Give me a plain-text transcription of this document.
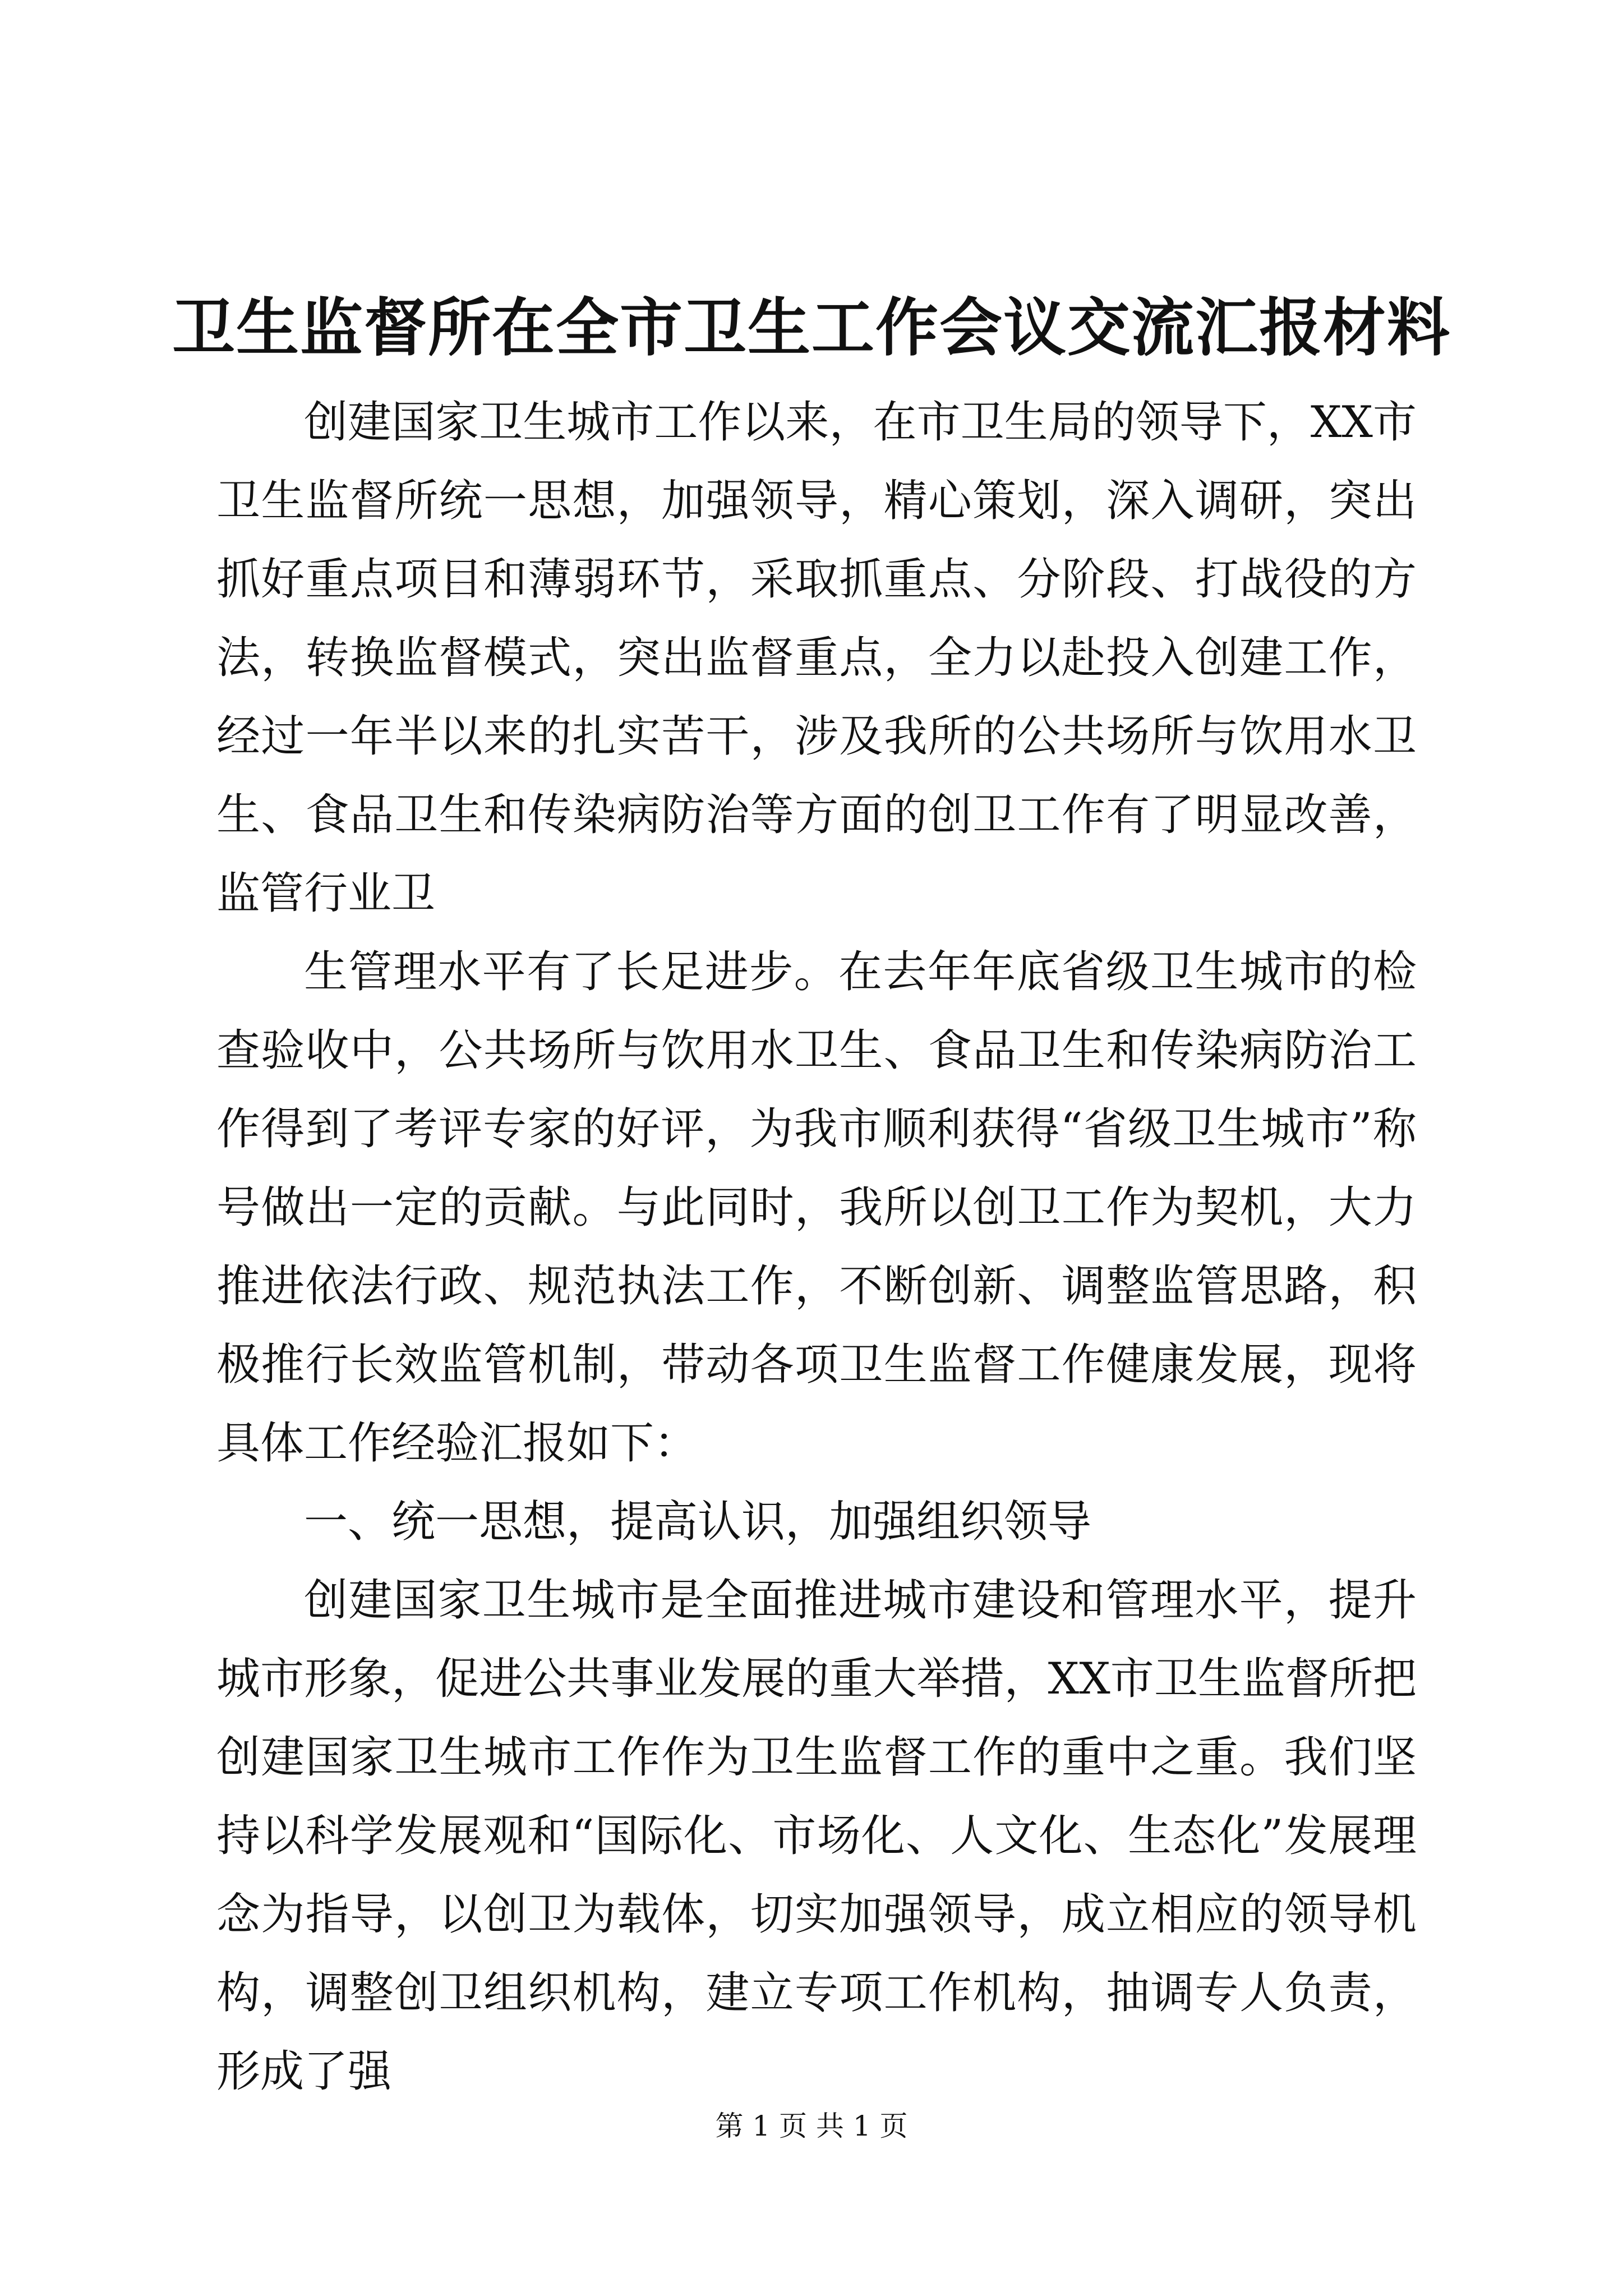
卫生监督所在全市卫生工作会议交流汇报材料

创建国家卫生城市工作以来，在市卫生局的领导下，XX市卫生监督所统一思想，加强领导，精心策划，深入调研，突出抓好重点项目和薄弱环节，采取抓重点、分阶段、打战役的方法，转换监督模式，突出监督重点，全力以赴投入创建工作，经过一年半以来的扎实苦干，涉及我所的公共场所与饮用水卫生、食品卫生和传染病防治等方面的创卫工作有了明显改善，监管行业卫

生管理水平有了长足进步。在去年年底省级卫生城市的检查验收中，公共场所与饮用水卫生、食品卫生和传染病防治工作得到了考评专家的好评，为我市顺利获得“省级卫生城市”称号做出一定的贡献。与此同时，我所以创卫工作为契机，大力推进依法行政、规范执法工作，不断创新、调整监管思路，积极推行长效监管机制，带动各项卫生监督工作健康发展，现将具体工作经验汇报如下：

一、统一思想，提高认识，加强组织领导

创建国家卫生城市是全面推进城市建设和管理水平，提升城市形象，促进公共事业发展的重大举措，XX市卫生监督所把创建国家卫生城市工作作为卫生监督工作的重中之重。我们坚持以科学发展观和“国际化、市场化、人文化、生态化”发展理念为指导，以创卫为载体，切实加强领导，成立相应的领导机构，调整创卫组织机构，建立专项工作机构，抽调专人负责，形成了强

第 1 页 共 1 页
